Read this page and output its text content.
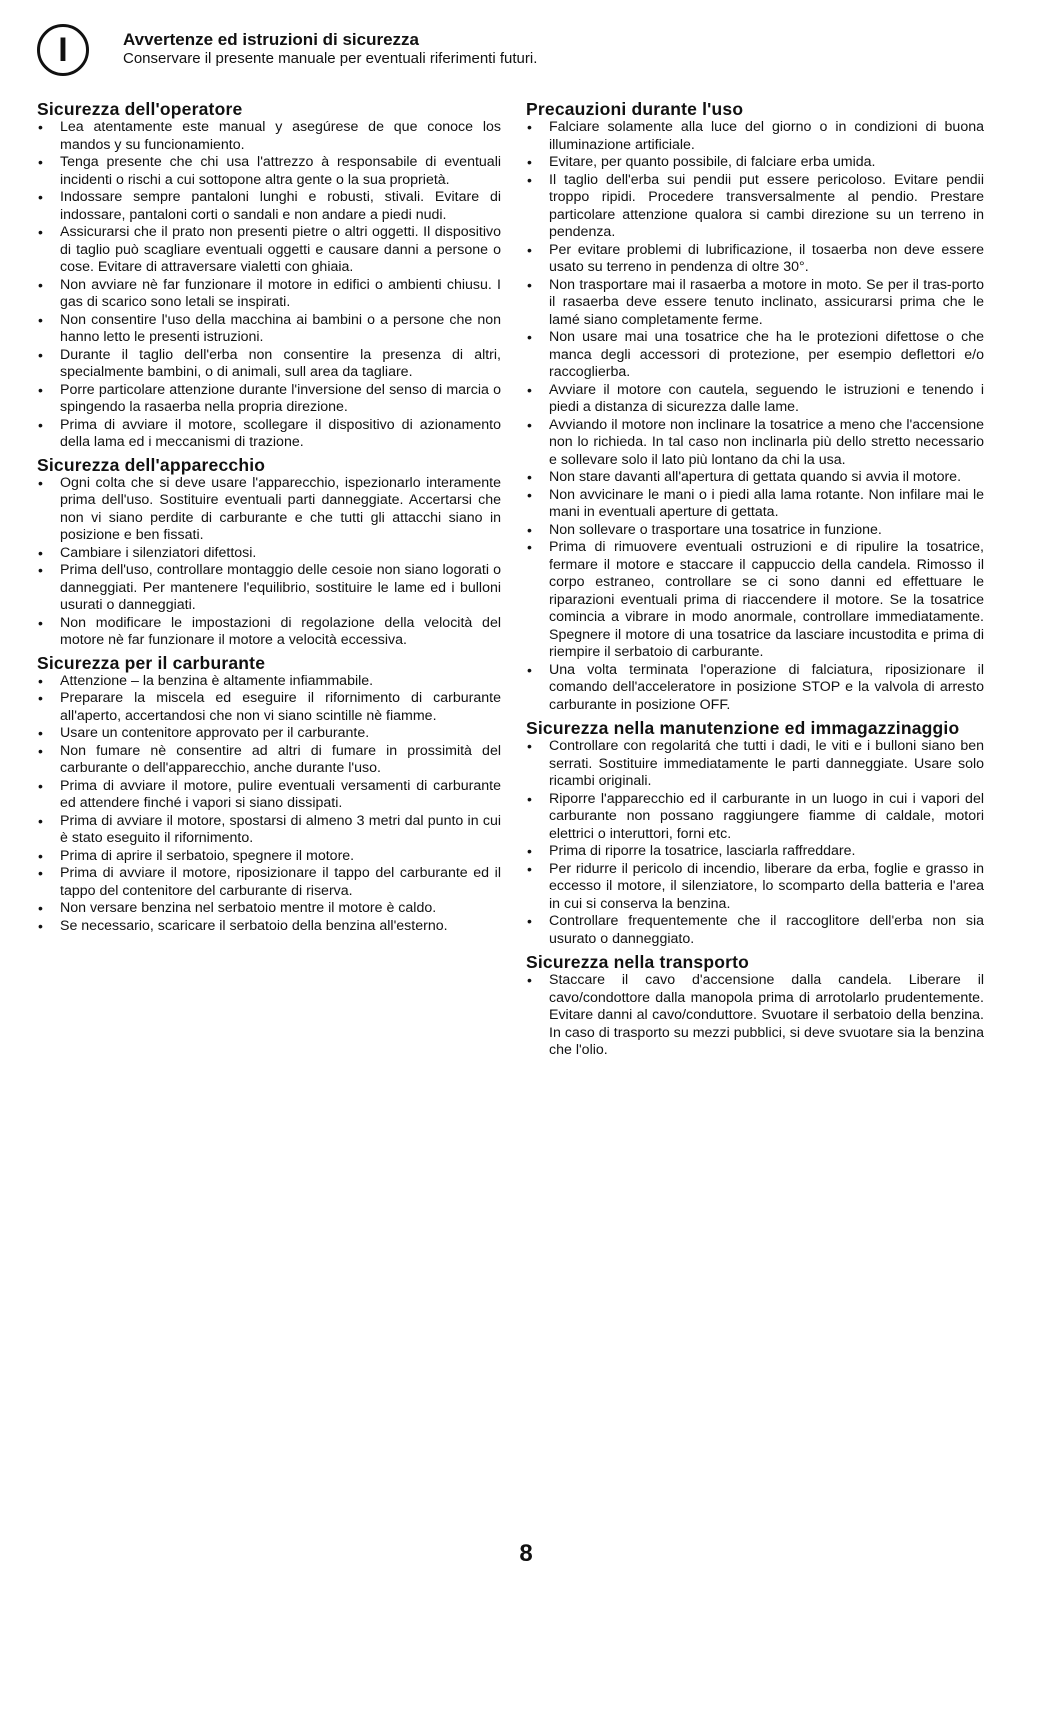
I	Avvertenze ed istruzioni di sicurezza
Conservare il presente manuale per eventuali riferimenti futuri.
Sicurezza dell'operatore
• Lea atentamente este manual y asegúrese de que conoce los mandos y su funcionamiento.
• Tenga presente che chi usa l'attrezzo à responsabile di eventuali incidenti o rischi a cui sottopone altra gente o la sua proprietà.
• Indossare sempre pantaloni lunghi e robusti, stivali. Evitare di indossare, pantaloni corti o sandali e non andare a piedi nudi.
• Assicurarsi che il prato non presenti pietre o altri oggetti. Il dispositivo di taglio può scagliare eventuali oggetti e causare danni a persone o cose. Evitare di attraversare vialetti con ghiaia.
• Non avviare nè far funzionare il motore in edifici o ambienti chiusu. I gas di scarico sono letali se inspirati.
• Non consentire l'uso della macchina ai bambini o a persone che non hanno letto le presenti istruzioni.
• Durante il taglio dell'erba non consentire la presenza di altri, specialmente bambini, o di animali, sull area da tagliare.
• Porre particolare attenzione durante l'inversione del senso di marcia o spingendo la rasaerba nella propria direzione.
• Prima di avviare il motore, scollegare il dispositivo di azionamento della lama ed i meccanismi di trazione.
Sicurezza dell'apparecchio
• Ogni colta che si deve usare l'apparecchio, ispezionarlo interamente prima dell'uso. Sostituire eventuali parti danneggiate. Accertarsi che non vi siano perdite di carburante e che tutti gli attacchi siano in posizione e ben fissati.
• Cambiare i silenziatori difettosi.
• Prima dell'uso, controllare montaggio delle cesoie non siano logorati o danneggiati. Per mantenere l'equilibrio, sostituire le lame ed i bulloni usurati o danneggiati.
• Non modificare le impostazioni di regolazione della velocità del motore nè far funzionare il motore a velocità eccessiva.
Sicurezza per il carburante
• Attenzione – la benzina è altamente infiammabile.
• Preparare la miscela ed eseguire il rifornimento di carburante all'aperto, accertandosi che non vi siano scintille nè fiamme.
• Usare un contenitore approvato per il carburante.
• Non fumare nè consentire ad altri di fumare in prossimità del carburante o dell'apparecchio, anche durante l'uso.
• Prima di avviare il motore, pulire eventuali versamenti di carburante ed attendere finché i vapori si siano dissipati.
• Prima di avviare il motore, spostarsi di almeno 3 metri dal punto in cui è stato eseguito il rifornimento.
• Prima di aprire il serbatoio, spegnere il motore.
• Prima di avviare il motore, riposizionare il tappo del carburante ed il tappo del contenitore del carburante di riserva.
• Non versare benzina nel serbatoio mentre il motore è caldo.
• Se necessario, scaricare il serbatoio della benzina all'esterno.
Precauzioni durante l'uso
• Falciare solamente alla luce del giorno o in condizioni di buona illuminazione artificiale.
• Evitare, per quanto possibile, di falciare erba umida.
• Il taglio dell'erba sui pendii put essere pericoloso. Evitare pendii troppo ripidi. Procedere transversalmente al pendio. Prestare particolare attenzione qualora si cambi direzione su un terreno in pendenza.
• Per evitare problemi di lubrificazione, il tosaerba non deve essere usato su terreno in pendenza di oltre 30°.
• Non trasportare mai il rasaerba a motore in moto. Se per il tras-porto il rasaerba deve essere tenuto inclinato, assicurarsi prima che le lamé siano completamente ferme.
• Non usare mai una tosatrice che ha le protezioni difettose o che manca degli accessori di protezione, per esempio deflettori e/o raccoglierba.
• Avviare il motore con cautela, seguendo le istruzioni e tenendo i piedi a distanza di sicurezza dalle lame.
• Avviando il motore non inclinare la tosatrice a meno che l'accensione non lo richieda. In tal caso non inclinarla più dello stretto necessario e sollevare solo il lato più lontano da chi la usa.
• Non stare davanti all'apertura di gettata quando si avvia il motore.
• Non avvicinare le mani o i piedi alla lama rotante. Non infilare mai le mani in eventuali aperture di gettata.
• Non sollevare o trasportare una tosatrice in funzione.
• Prima di rimuovere eventuali ostruzioni e di ripulire la tosatrice, fermare il motore e staccare il cappuccio della candela. Rimosso il corpo estraneo, controllare se ci sono danni ed effettuare le riparazioni eventuali prima di riaccendere il motore. Se la tosatrice comincia a vibrare in modo anormale, controllare immediatamente. Spegnere il motore di una tosatrice da lasciare incustodita e prima di riempire il serbatoio di carburante.
• Una volta terminata l'operazione di falciatura, riposizionare il comando dell'acceleratore in posizione STOP e la valvola di arresto carburante in posizione OFF.
Sicurezza nella manutenzione ed immagazzinaggio
• Controllare con regolaritá che tutti i dadi, le viti e i bulloni siano ben serrati. Sostituire immediatamente le parti danneggiate. Usare solo ricambi originali.
• Riporre l'apparecchio ed il carburante in un luogo in cui i vapori del carburante non possano raggiungere fiamme di caldale, motori elettrici o interuttori, forni etc.
• Prima di riporre la tosatrice, lasciarla raffreddare.
• Per ridurre il pericolo di incendio, liberare da erba, foglie e grasso in eccesso il motore, il silenziatore, lo scomparto della batteria e l'area in cui si conserva la benzina.
• Controllare frequentemente che il raccoglitore dell'erba non sia usurato o danneggiato.
Sicurezza nella transporto
• Staccare il cavo d'accensione dalla candela. Liberare il cavo/condottore dalla manopola prima di arrotolarlo prudentemente. Evitare danni al cavo/conduttore. Svuotare il serbatoio della benzina. In caso di trasporto su mezzi pubblici, si deve svuotare sia la benzina che l'olio.
8
